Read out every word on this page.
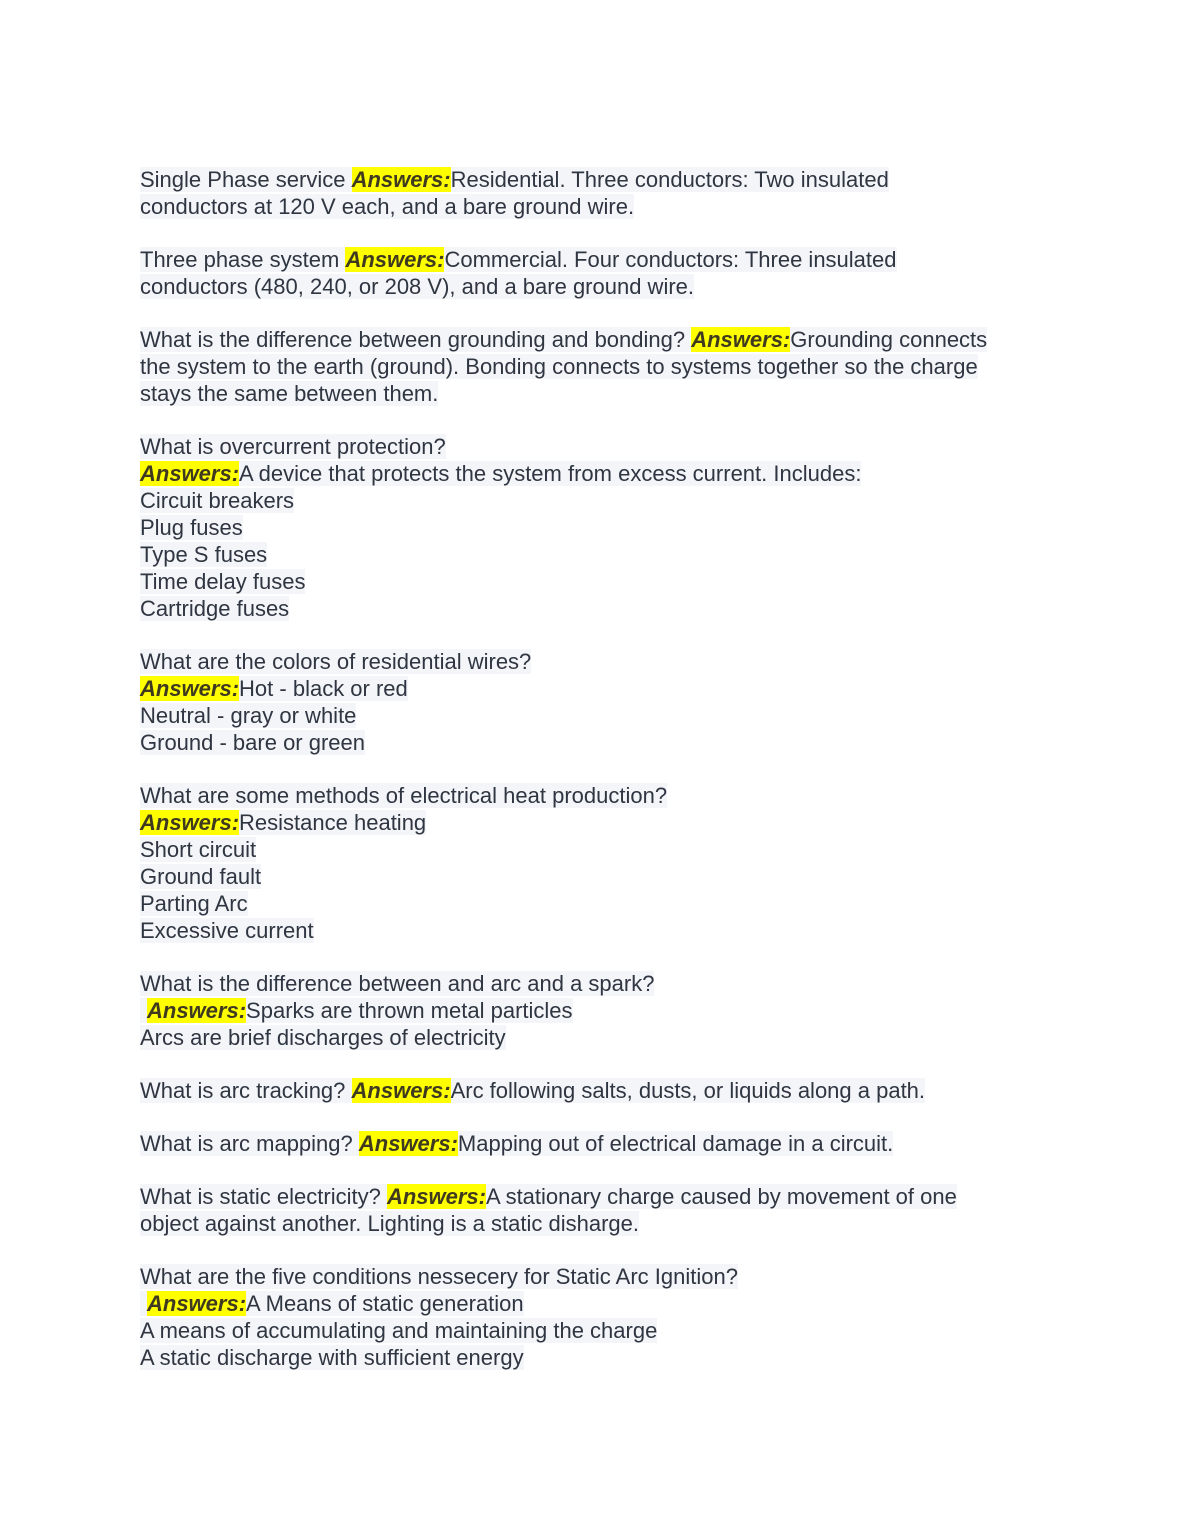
Single Phase service Answers:Residential. Three conductors: Two insulated
conductors at 120 V each, and a bare ground wire.
Three phase system Answers:Commercial. Four conductors: Three insulated
conductors (480, 240, or 208 V), and a bare ground wire.
What is the difference between grounding and bonding? Answers:Grounding connects
the system to the earth (ground). Bonding connects to systems together so the charge
stays the same between them.
What is overcurrent protection?
Answers:A device that protects the system from excess current. Includes:
Circuit breakers
Plug fuses
Type S fuses
Time delay fuses
Cartridge fuses
What are the colors of residential wires?
Answers:Hot - black or red
Neutral - gray or white
Ground - bare or green
What are some methods of electrical heat production?
Answers:Resistance heating
Short circuit
Ground fault
Parting Arc
Excessive current
What is the difference between and arc and a spark?
Answers:Sparks are thrown metal particles
Arcs are brief discharges of electricity
What is arc tracking? Answers:Arc following salts, dusts, or liquids along a path.
What is arc mapping? Answers:Mapping out of electrical damage in a circuit.
What is static electricity? Answers:A stationary charge caused by movement of one
object against another. Lighting is a static disharge.
What are the five conditions nessecery for Static Arc Ignition?
Answers:A Means of static generation
A means of accumulating and maintaining the charge
A static discharge with sufficient energy
